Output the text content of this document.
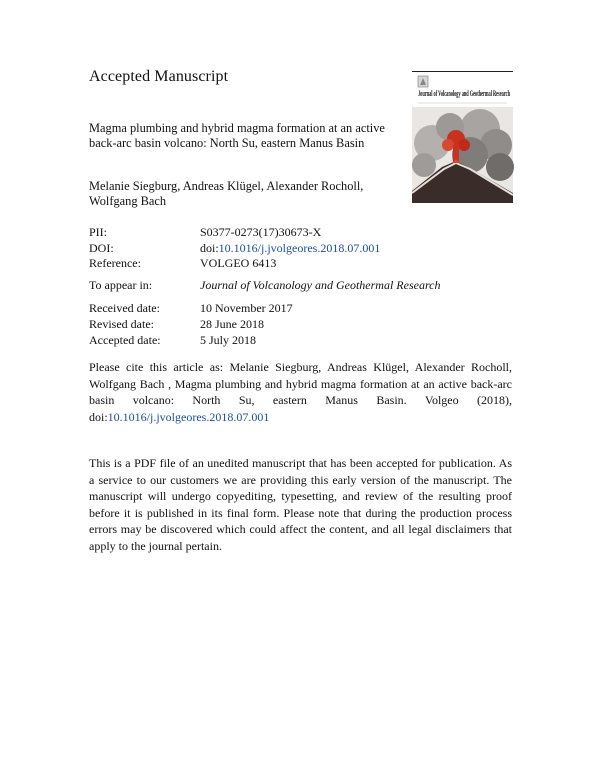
Accepted Manuscript
Magma plumbing and hybrid magma formation at an active back-arc basin volcano: North Su, eastern Manus Basin
Melanie Siegburg, Andreas Klügel, Alexander Rocholl, Wolfgang Bach
Journal of Volcanology and Geothermal Research
PII:	S0377-0273(17)30673-X
DOI:	doi:10.1016/j.jvolgeores.2018.07.001
Reference:	VOLGEO 6413
To appear in:	Journal of Volcanology and Geothermal Research
Received date:	10 November 2017
Revised date:	28 June 2018
Accepted date:	5 July 2018
Please cite this article as: Melanie Siegburg, Andreas Klügel, Alexander Rocholl, Wolfgang Bach , Magma plumbing and hybrid magma formation at an active back-arc basin volcano: North Su, eastern Manus Basin. Volgeo (2018), doi:10.1016/j.jvolgeores.2018.07.001
This is a PDF file of an unedited manuscript that has been accepted for publication. As a service to our customers we are providing this early version of the manuscript. The manuscript will undergo copyediting, typesetting, and review of the resulting proof before it is published in its final form. Please note that during the production process errors may be discovered which could affect the content, and all legal disclaimers that apply to the journal pertain.
